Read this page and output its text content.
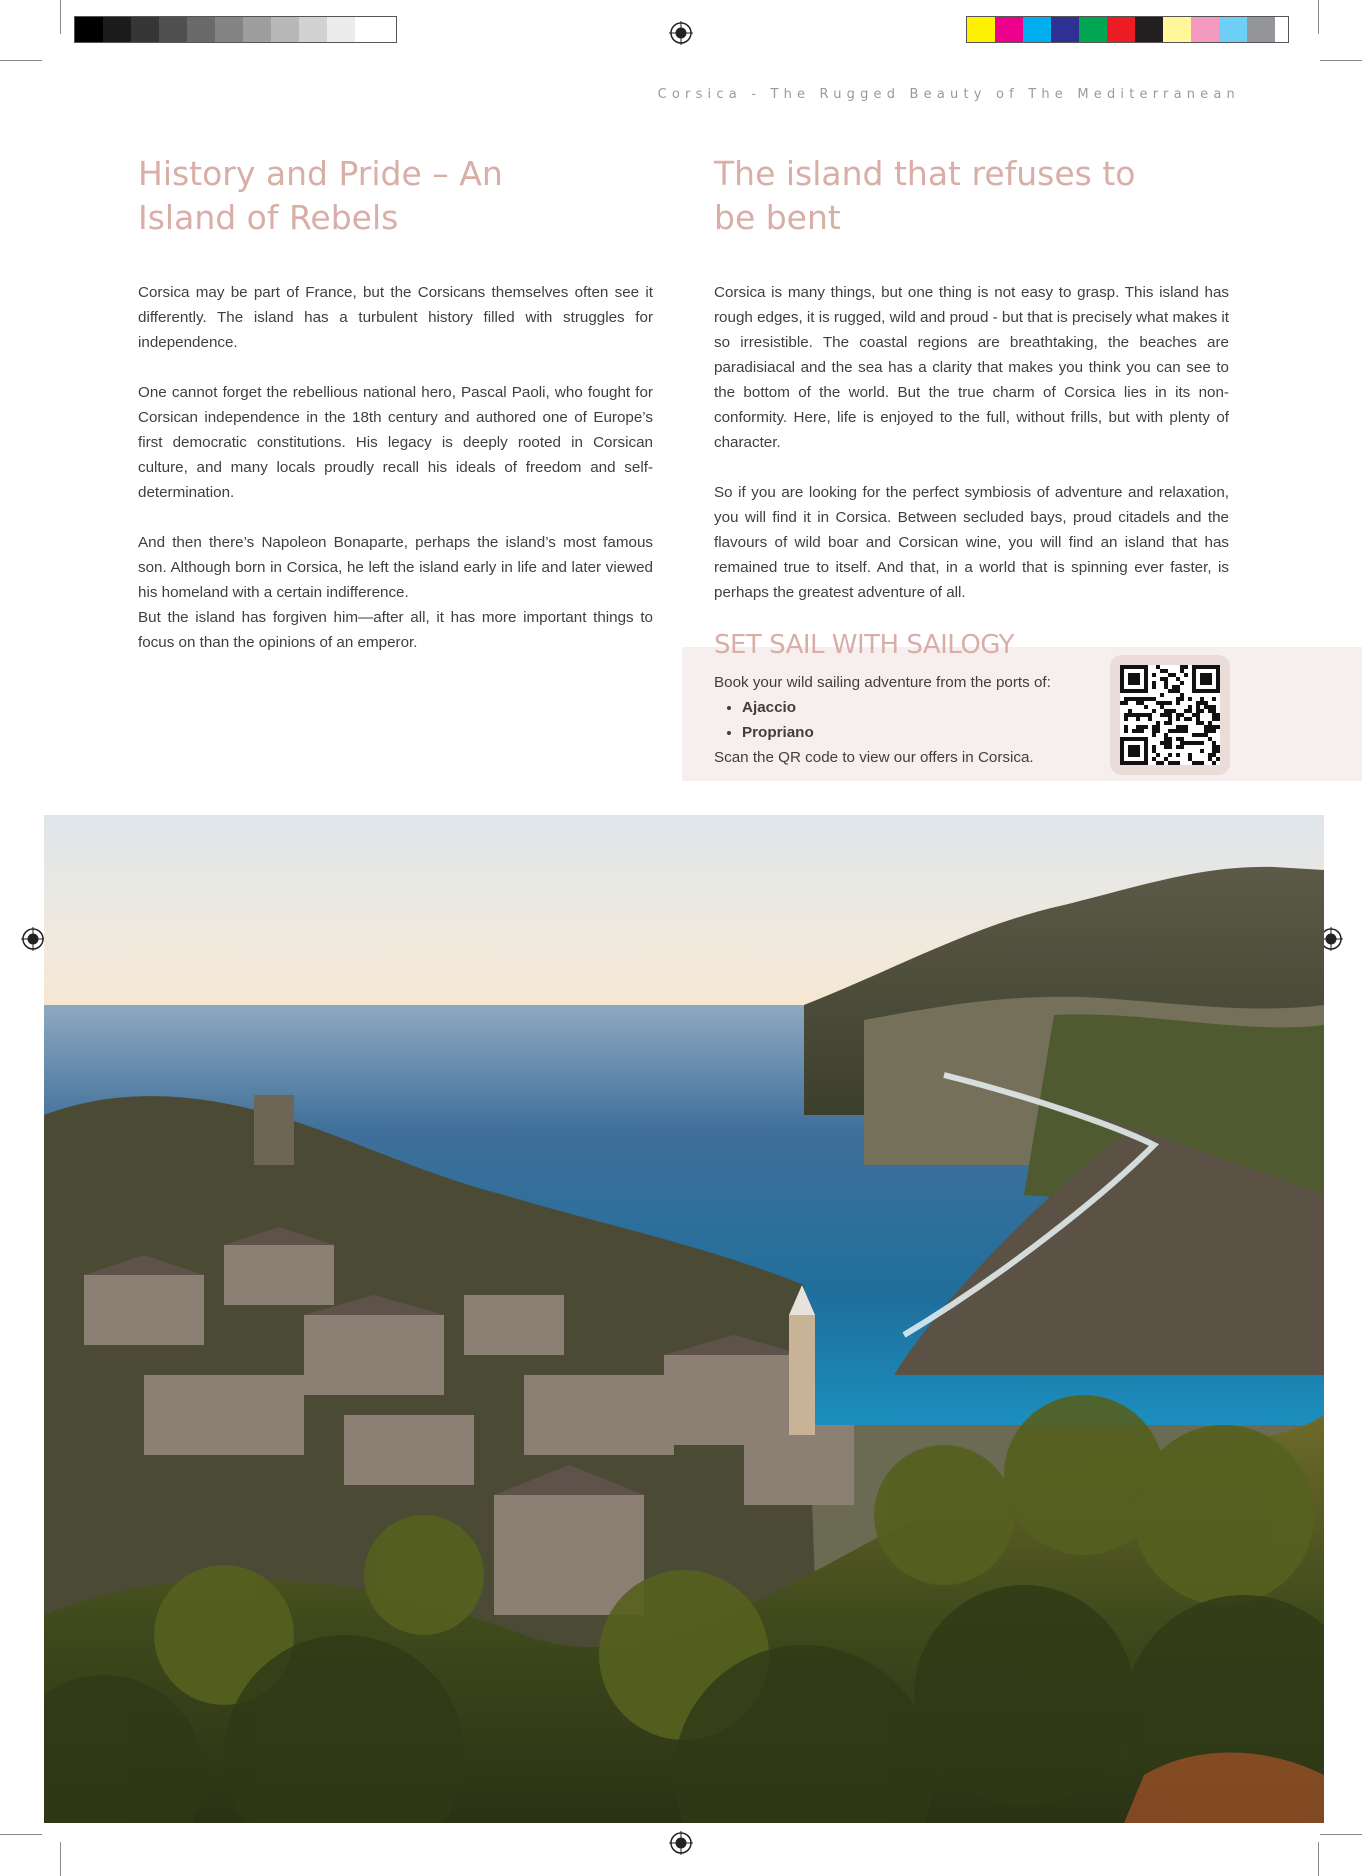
Corsica - The Rugged Beauty of The Mediterranean
History and Pride – An
Island of Rebels

Corsica may be part of France, but the Corsicans themselves often see it differently. The island has a turbulent history filled with struggles for independence.

One cannot forget the rebellious national hero, Pascal Paoli, who fought for Corsican independence in the 18th century and authored one of Europe’s first democratic constitutions. His legacy is deeply rooted in Corsican culture, and many locals proudly recall his ideals of freedom and self-determination.

And then there’s Napoleon Bonaparte, perhaps the island’s most famous son. Although born in Corsica, he left the island early in life and later viewed his homeland with a certain indifference.

But the island has forgiven him—after all, it has more important things to focus on than the opinions of an emperor.

The island that refuses to
be bent

Corsica is many things, but one thing is not easy to grasp. This island has rough edges, it is rugged, wild and proud - but that is precisely what makes it so irresistible. The coastal regions are breathtaking, the beaches are paradisiacal and the sea has a clarity that makes you think you can see to the bottom of the world. But the true charm of Corsica lies in its non-conformity. Here, life is enjoyed to the full, without frills, but with plenty of character.

So if you are looking for the perfect symbiosis of adventure and relaxation, you will find it in Corsica. Between secluded bays, proud citadels and the flavours of wild boar and Corsican wine, you will find an island that has remained true to itself. And that, in a world that is spinning ever faster, is perhaps the greatest adventure of all.

SET SAIL WITH SAILOGY

Book your wild sailing adventure from the ports of:

• Ajaccio
• Propriano

Scan the QR code to view our offers in Corsica.
